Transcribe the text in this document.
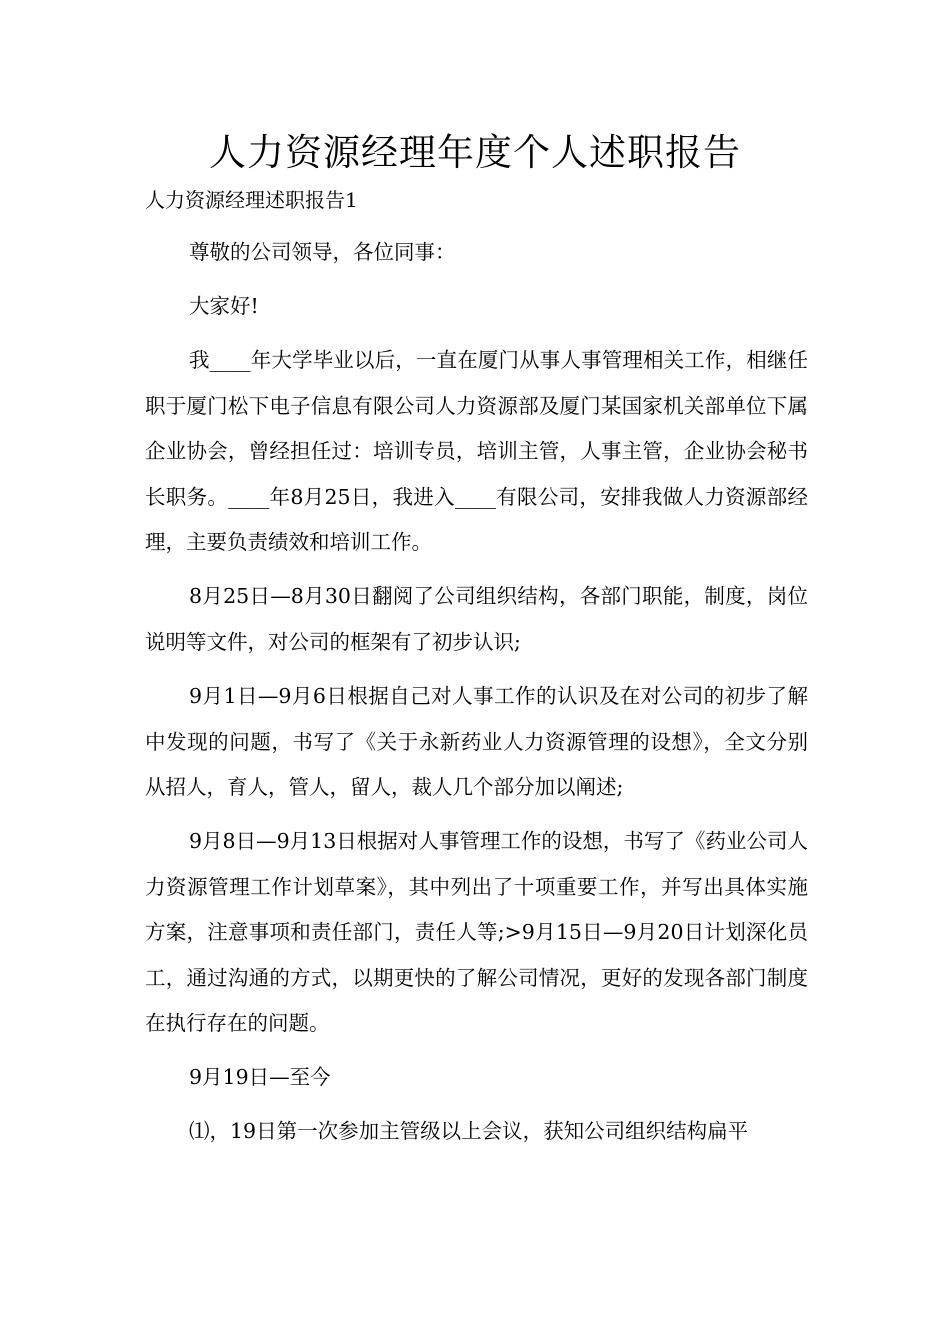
人力资源经理年度个人述职报告
人力资源经理述职报告1

尊敬的公司领导，各位同事：

大家好!

我____年大学毕业以后，一直在厦门从事人事管理相关工作，相继任职于厦门松下电子信息有限公司人力资源部及厦门某国家机关部单位下属企业协会，曾经担任过：培训专员，培训主管，人事主管，企业协会秘书长职务。____年8月25日，我进入____有限公司，安排我做人力资源部经理，主要负责绩效和培训工作。

8月25日—8月30日翻阅了公司组织结构，各部门职能，制度，岗位说明等文件，对公司的框架有了初步认识;

9月1日—9月6日根据自己对人事工作的认识及在对公司的初步了解中发现的问题，书写了《关于永新药业人力资源管理的设想》，全文分别从招人，育人，管人，留人，裁人几个部分加以阐述;

9月8日—9月13日根据对人事管理工作的设想，书写了《药业公司人力资源管理工作计划草案》，其中列出了十项重要工作，并写出具体实施方案，注意事项和责任部门，责任人等;>9月15日—9月20日计划深化员工，通过沟通的方式，以期更快的了解公司情况，更好的发现各部门制度在执行存在的问题。

9月19日—至今

⑴，19日第一次参加主管级以上会议，获知公司组织结构扁平
